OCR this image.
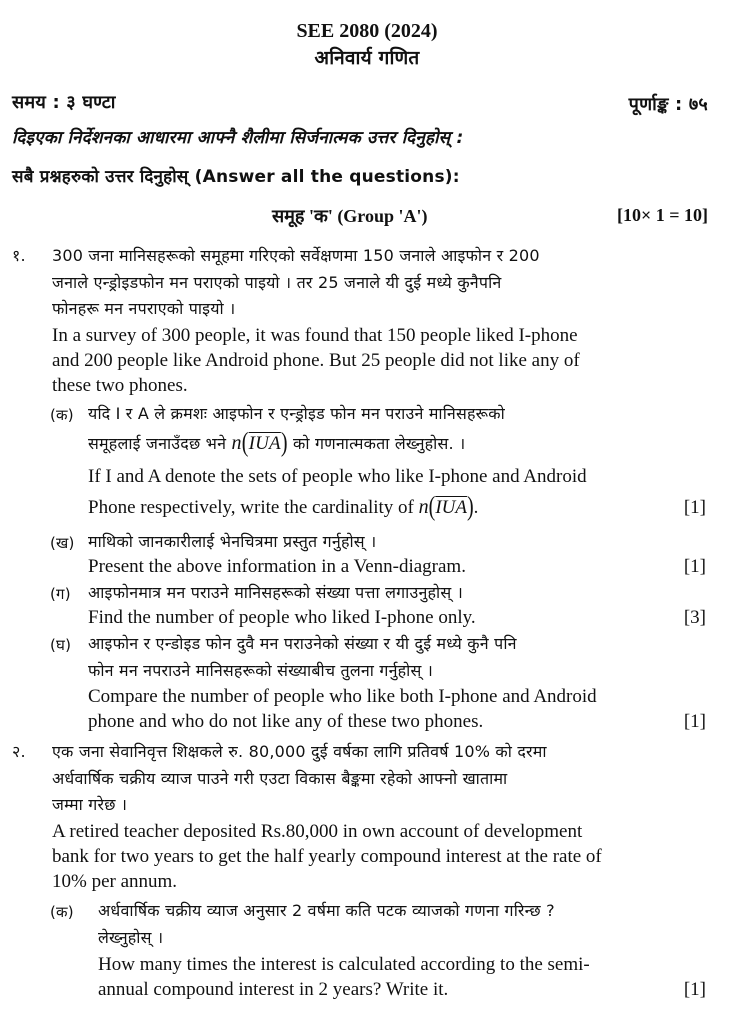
SEE 2080 (2024)
अनिवार्य गणित
समय : ३ घण्टा	पूर्णाङ्क : ७५
दिइएका निर्देशनका आधारमा आफ्नै शैलीमा सिर्जनात्मक उत्तर दिनुहोस् :
सबै प्रश्नहरुको उत्तर दिनुहोस् (Answer all the questions):
समूह 'क' (Group 'A')	[10× 1 = 10]
१. 300 जना मानिसहरूको समूहमा गरिएको सर्वेक्षणमा 150 जनाले आइफोन र 200
जनाले एन्ड्रोइडफोन मन पराएको पाइयो । तर 25 जनाले यी दुई मध्ये कुनैपनि
फोनहरू मन नपराएको पाइयो ।
In a survey of 300 people, it was found that 150 people liked I-phone
and 200 people like Android phone. But 25 people did not like any of
these two phones.
(क) यदि I र A ले क्रमशः आइफोन र एन्ड्रोइड फोन मन पराउने मानिसहरूको
समूहलाई जनाउँदछ भने $n(\overline{IUA})$ को गणनात्मकता लेख्नुहोस. ।
If I and A denote the sets of people who like I-phone and Android
Phone respectively, write the cardinality of $n(\overline{IUA})$.	[1]
(ख) माथिको जानकारीलाई भेनचित्रमा प्रस्तुत गर्नुहोस् ।
Present the above information in a Venn-diagram.	[1]
(ग) आइफोनमात्र मन पराउने मानिसहरूको संख्या पत्ता लगाउनुहोस् ।
Find the number of people who liked I-phone only.	[3]
(घ) आइफोन र एन्डोइड फोन दुवै मन पराउनेको संख्या र यी दुई मध्ये कुनै पनि
फोन मन नपराउने मानिसहरूको संख्याबीच तुलना गर्नुहोस् ।
Compare the number of people who like both I-phone and Android
phone and who do not like any of these two phones.	[1]
२. एक जना सेवानिवृत्त शिक्षकले रु. 80,000 दुई वर्षका लागि प्रतिवर्ष 10% को दरमा
अर्धवार्षिक चक्रीय व्याज पाउने गरी एउटा विकास बैङ्कमा रहेको आफ्नो खातामा
जम्मा गरेछ ।
A retired teacher deposited Rs.80,000 in own account of development
bank for two years to get the half yearly compound interest at the rate of
10% per annum.
(क) अर्धवार्षिक चक्रीय व्याज अनुसार 2 वर्षमा कति पटक व्याजको गणना गरिन्छ ?
लेख्नुहोस् ।
How many times the interest is calculated according to the semi-
annual compound interest in 2 years? Write it.	[1]
